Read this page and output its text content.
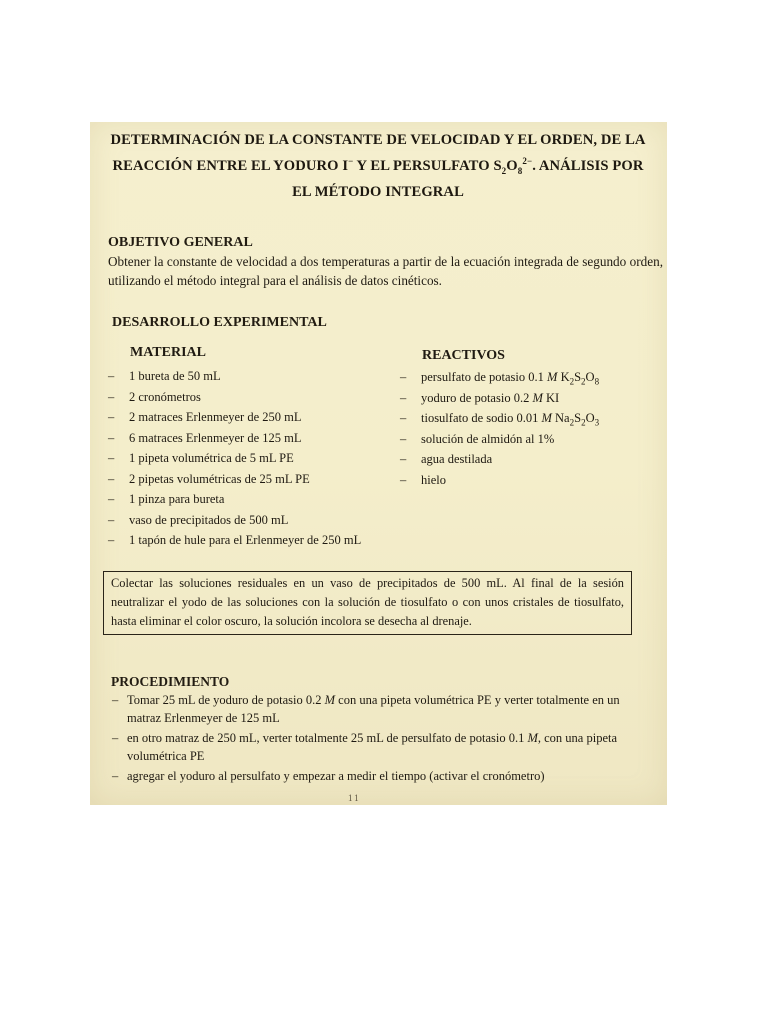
DETERMINACIÓN DE LA CONSTANTE DE VELOCIDAD Y EL ORDEN, DE LA REACCIÓN ENTRE EL YODURO I− Y EL PERSULFATO $S_2O_8^{2-}$. ANÁLISIS POR EL MÉTODO INTEGRAL
OBJETIVO GENERAL

Obtener la constante de velocidad a dos temperaturas a partir de la ecuación integrada de segundo orden, utilizando el método integral para el análisis de datos cinéticos.

DESARROLLO EXPERIMENTAL
MATERIAL
– 1 bureta de 50 mL
– 2 cronómetros
– 2 matraces Erlenmeyer de 250 mL
– 6 matraces Erlenmeyer de 125 mL
– 1 pipeta volumétrica de 5 mL PE
– 2 pipetas volumétricas de 25 mL PE
– 1 pinza para bureta
– vaso de precipitados de 500 mL
– 1 tapón de hule para el Erlenmeyer de 250 mL
REACTIVOS
– persulfato de potasio 0.1 M $K_2S_2O_8$
– yoduro de potasio 0.2 M KI
– tiosulfato de sodio 0.01 M $Na_2S_2O_3$
– solución de almidón al 1%
– agua destilada
– hielo

Colectar las soluciones residuales en un vaso de precipitados de 500 mL. Al final de la sesión neutralizar el yodo de las soluciones con la solución de tiosulfato o con unos cristales de tiosulfato, hasta eliminar el color oscuro, la solución incolora se desecha al drenaje.

PROCEDIMIENTO
– Tomar 25 mL de yoduro de potasio 0.2 M con una pipeta volumétrica PE y verter totalmente en un matraz Erlenmeyer de 125 mL
– en otro matraz de 250 mL, verter totalmente 25 mL de persulfato de potasio 0.1 M, con una pipeta volumétrica PE
– agregar el yoduro al persulfato y empezar a medir el tiempo (activar el cronómetro)
11
